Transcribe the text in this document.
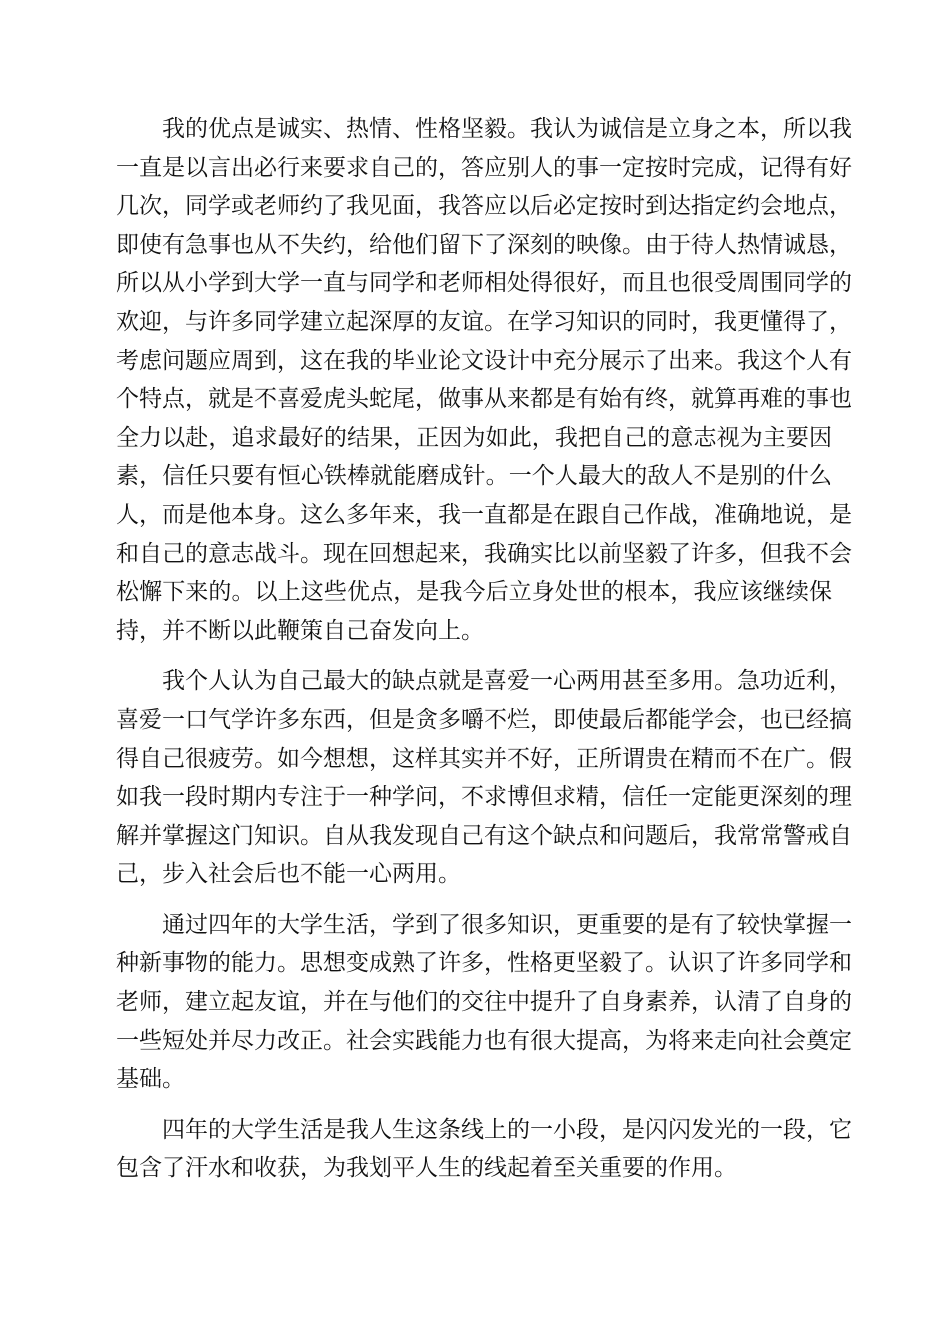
我的优点是诚实、热情、性格坚毅。我认为诚信是立身之本，所以我
一直是以言出必行来要求自己的，答应别人的事一定按时完成，记得有好
几次，同学或老师约了我见面，我答应以后必定按时到达指定约会地点，
即使有急事也从不失约，给他们留下了深刻的映像。由于待人热情诚恳，
所以从小学到大学一直与同学和老师相处得很好，而且也很受周围同学的
欢迎，与许多同学建立起深厚的友谊。在学习知识的同时，我更懂得了，
考虑问题应周到，这在我的毕业论文设计中充分展示了出来。我这个人有
个特点，就是不喜爱虎头蛇尾，做事从来都是有始有终，就算再难的事也
全力以赴，追求最好的结果，正因为如此，我把自己的意志视为主要因
素，信任只要有恒心铁棒就能磨成针。一个人最大的敌人不是别的什么
人，而是他本身。这么多年来，我一直都是在跟自己作战，准确地说，是
和自己的意志战斗。现在回想起来，我确实比以前坚毅了许多，但我不会
松懈下来的。以上这些优点，是我今后立身处世的根本，我应该继续保
持，并不断以此鞭策自己奋发向上。

我个人认为自己最大的缺点就是喜爱一心两用甚至多用。急功近利，
喜爱一口气学许多东西，但是贪多嚼不烂，即使最后都能学会，也已经搞
得自己很疲劳。如今想想，这样其实并不好，正所谓贵在精而不在广。假
如我一段时期内专注于一种学问，不求博但求精，信任一定能更深刻的理
解并掌握这门知识。自从我发现自己有这个缺点和问题后，我常常警戒自
己，步入社会后也不能一心两用。

通过四年的大学生活，学到了很多知识，更重要的是有了较快掌握一
种新事物的能力。思想变成熟了许多，性格更坚毅了。认识了许多同学和
老师，建立起友谊，并在与他们的交往中提升了自身素养，认清了自身的
一些短处并尽力改正。社会实践能力也有很大提高，为将来走向社会奠定
基础。

四年的大学生活是我人生这条线上的一小段，是闪闪发光的一段，它
包含了汗水和收获，为我划平人生的线起着至关重要的作用。
